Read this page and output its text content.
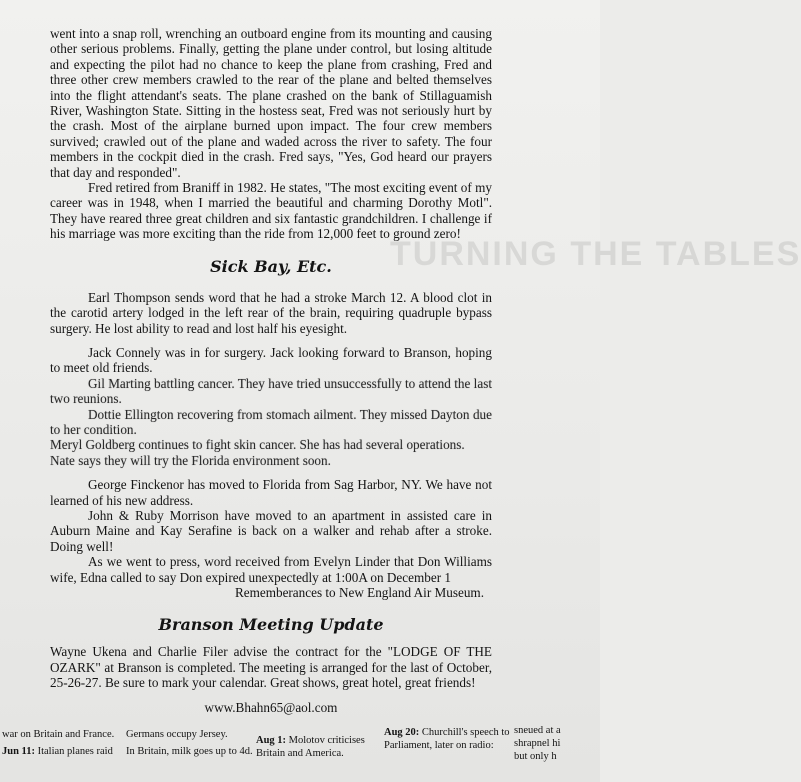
TURNING THE TABLES

went into a snap roll, wrenching an outboard engine from its mounting and causing other serious problems. Finally, getting the plane under control, but losing altitude and expecting the pilot had no chance to keep the plane from crashing, Fred and three other crew members crawled to the rear of the plane and belted themselves into the flight attendant's seats. The plane crashed on the bank of Stillaguamish River, Washington State. Sitting in the hostess seat, Fred was not seriously hurt by the crash. Most of the airplane burned upon impact. The four crew members survived; crawled out of the plane and waded across the river to safety. The four members in the cockpit died in the crash. Fred says, "Yes, God heard our prayers that day and responded".

Fred retired from Braniff in 1982. He states, "The most exciting event of my career was in 1948, when I married the beautiful and charming Dorothy Motl". They have reared three great children and six fantastic grandchildren. I challenge if his marriage was more exciting than the ride from 12,000 feet to ground zero!

Sick Bay, Etc.

Earl Thompson sends word that he had a stroke March 12. A blood clot in the carotid artery lodged in the left rear of the brain, requiring quadruple bypass surgery. He lost ability to read and lost half his eyesight.

Jack Connely was in for surgery. Jack looking forward to Branson, hoping to meet old friends.

Gil Marting battling cancer. They have tried unsuccessfully to attend the last two reunions.

Dottie Ellington recovering from stomach ailment. They missed Dayton due to her condition.

Meryl Goldberg continues to fight skin cancer. She has had several operations.

Nate says they will try the Florida environment soon.

George Finckenor has moved to Florida from Sag Harbor, NY. We have not learned of his new address.

John & Ruby Morrison have moved to an apartment in assisted care in Auburn Maine and Kay Serafine is back on a walker and rehab after a stroke. Doing well!

As we went to press, word received from Evelyn Linder that Don Williams wife, Edna called to say Don expired unexpectedly at 1:00A on December 1

Rememberances to New England Air Museum.

Branson Meeting Update

Wayne Ukena and Charlie Filer advise the contract for the "LODGE OF THE OZARK" at Branson is completed. The meeting is arranged for the last of October, 25-26-27. Be sure to mark your calendar. Great shows, great hotel, great friends!

www.Bhahn65@aol.com

war on Britain and France.
Jun 11: Italian planes raid
Germans occupy Jersey.
In Britain, milk goes up to 4d.
Aug 1: Molotov criticises
Britain and America.
Aug 20: Churchill's speech to
Parliament, later on radio:
sneued at a
shrapnel hi
but only h
